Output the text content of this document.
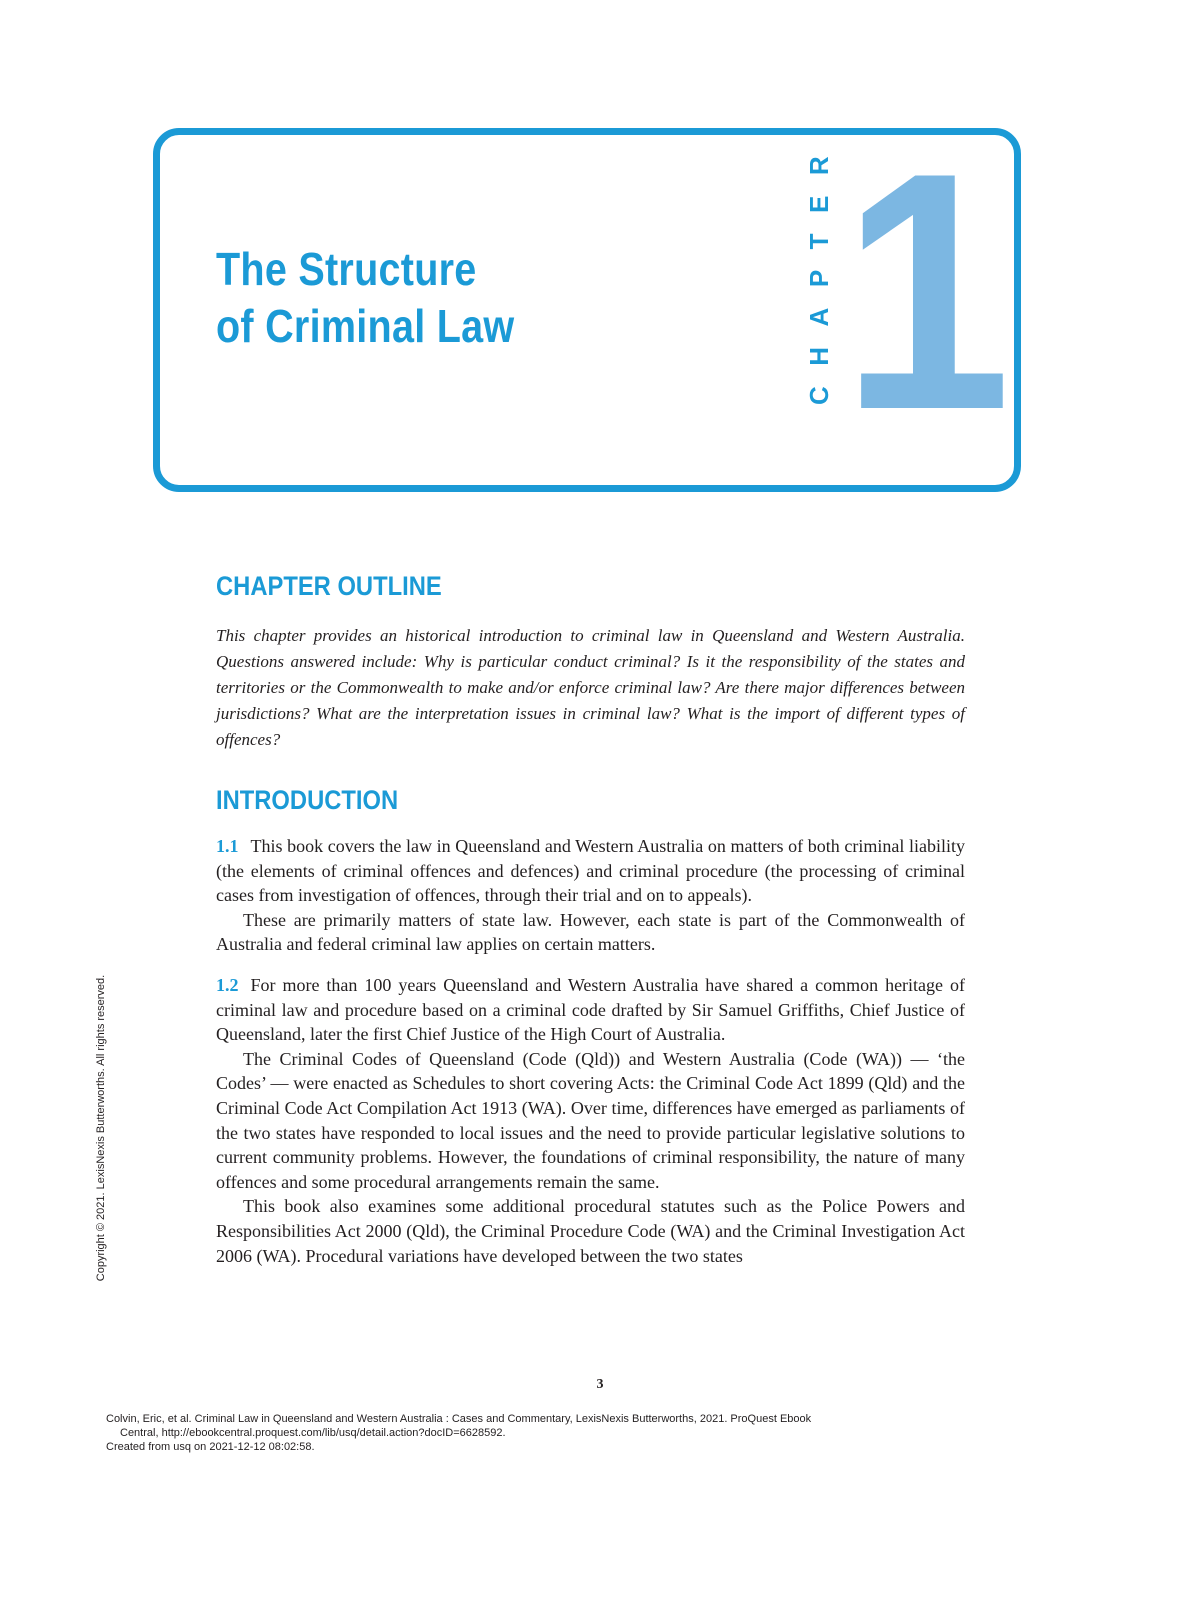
The Structure
of Criminal Law	CHAPTER 1
CHAPTER OUTLINE

This chapter provides an historical introduction to criminal law in Queensland and Western Australia. Questions answered include: Why is particular conduct criminal? Is it the responsibility of the states and territories or the Commonwealth to make and/or enforce criminal law? Are there major differences between jurisdictions? What are the interpretation issues in criminal law? What is the import of different types of offences?

INTRODUCTION

1.1 This book covers the law in Queensland and Western Australia on matters of both criminal liability (the elements of criminal offences and defences) and criminal procedure (the processing of criminal cases from investigation of offences, through their trial and on to appeals).

These are primarily matters of state law. However, each state is part of the Commonwealth of Australia and federal criminal law applies on certain matters.

1.2 For more than 100 years Queensland and Western Australia have shared a common heritage of criminal law and procedure based on a criminal code drafted by Sir Samuel Griffiths, Chief Justice of Queensland, later the first Chief Justice of the High Court of Australia.

The Criminal Codes of Queensland (Code (Qld)) and Western Australia (Code (WA)) — ‘the Codes’ — were enacted as Schedules to short covering Acts: the Criminal Code Act 1899 (Qld) and the Criminal Code Act Compilation Act 1913 (WA). Over time, differences have emerged as parliaments of the two states have responded to local issues and the need to provide particular legislative solutions to current community problems. However, the foundations of criminal responsibility, the nature of many offences and some procedural arrangements remain the same.

This book also examines some additional procedural statutes such as the Police Powers and Responsibilities Act 2000 (Qld), the Criminal Procedure Code (WA) and the Criminal Investigation Act 2006 (WA). Procedural variations have developed between the two states

3
Copyright © 2021. LexisNexis Butterworths. All rights reserved.
Colvin, Eric, et al. Criminal Law in Queensland and Western Australia : Cases and Commentary, LexisNexis Butterworths, 2021. ProQuest Ebook
Central, http://ebookcentral.proquest.com/lib/usq/detail.action?docID=6628592.
Created from usq on 2021-12-12 08:02:58.
